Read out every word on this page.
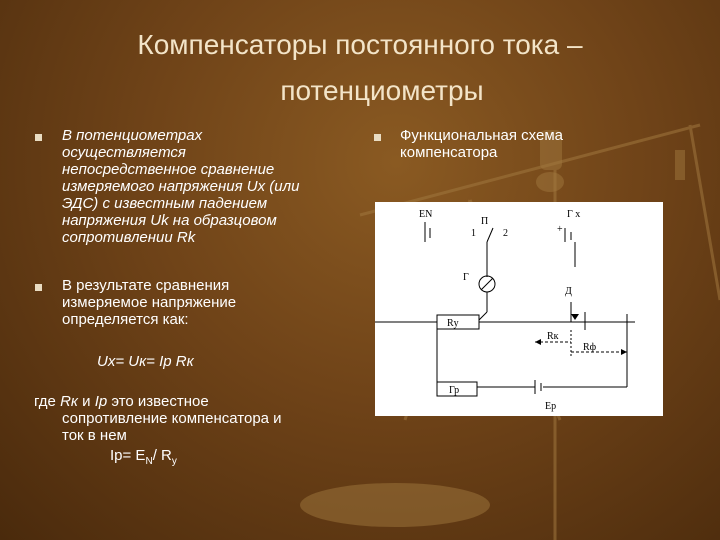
Компенсаторы постоянного тока –
потенциометры
В потенциометрах
осуществляется
непосредственное сравнение
измеряемого напряжения Ux (или
ЭДС) с известным падением
напряжения Uk на образцовом
сопротивлении Rk
В результате сравнения
измеряемое напряжение
определяется как:
Ux= Uк= Ip Rк
где Rк и Iр это известное
сопротивление компенсатора и
ток в нем
$Iр= E_N/$ $R_у$
Функциональная схема
компенсатора
EN
П
1	2
Г x
+
Г
Д
Rу
Rк
Rф
Гр
Eр
